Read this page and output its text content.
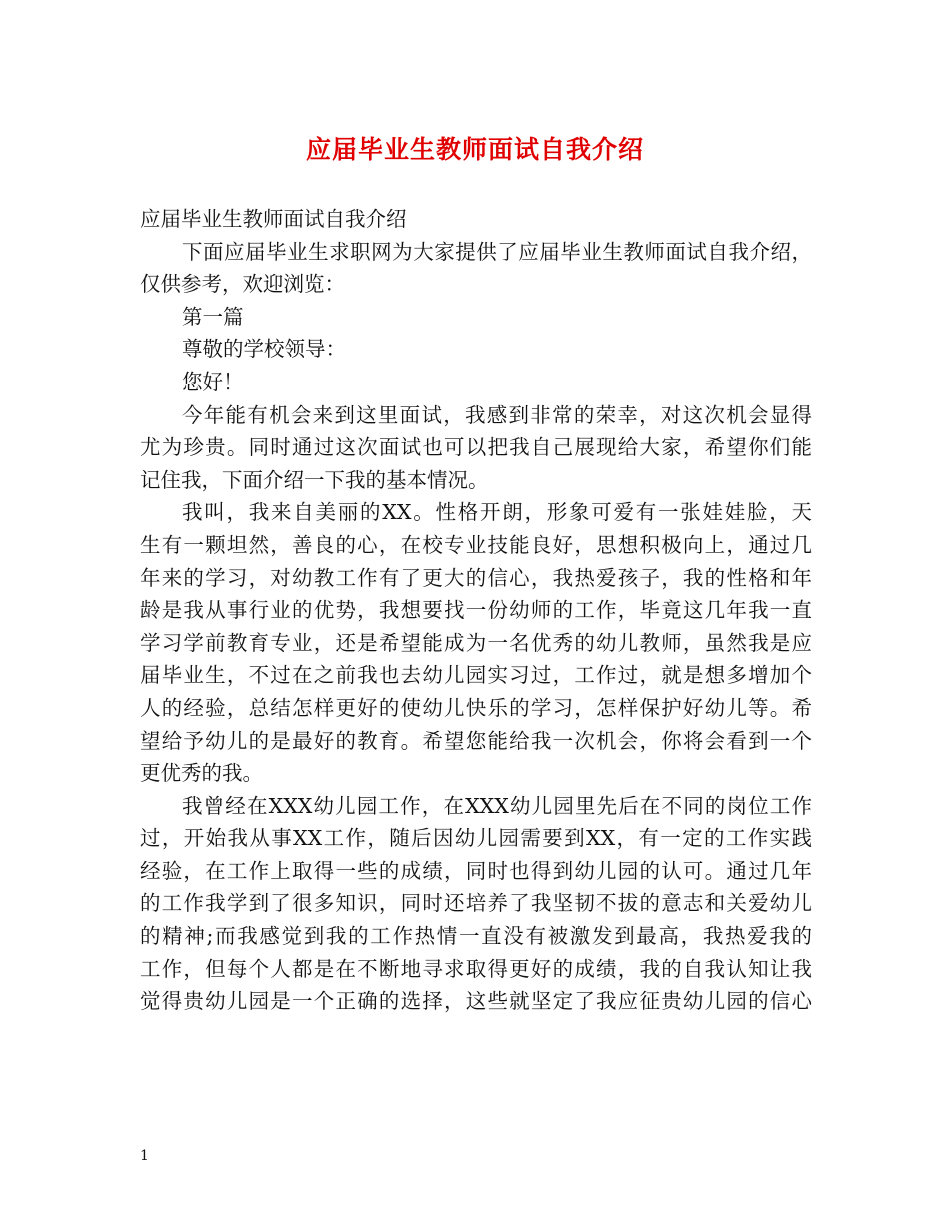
应届毕业生教师面试自我介绍
应届毕业生教师面试自我介绍
下面应届毕业生求职网为大家提供了应届毕业生教师面试自我介绍，
仅供参考，欢迎浏览：
第一篇
尊敬的学校领导：
您好！
今年能有机会来到这里面试，我感到非常的荣幸，对这次机会显得
尤为珍贵。同时通过这次面试也可以把我自己展现给大家，希望你们能
记住我，下面介绍一下我的基本情况。
我叫，我来自美丽的XX。性格开朗，形象可爱有一张娃娃脸，天
生有一颗坦然，善良的心，在校专业技能良好，思想积极向上，通过几
年来的学习，对幼教工作有了更大的信心，我热爱孩子，我的性格和年
龄是我从事行业的优势，我想要找一份幼师的工作，毕竟这几年我一直
学习学前教育专业，还是希望能成为一名优秀的幼儿教师，虽然我是应
届毕业生，不过在之前我也去幼儿园实习过，工作过，就是想多增加个
人的经验，总结怎样更好的使幼儿快乐的学习，怎样保护好幼儿等。希
望给予幼儿的是最好的教育。希望您能给我一次机会，你将会看到一个
更优秀的我。
我曾经在XXX幼儿园工作，在XXX幼儿园里先后在不同的岗位工作
过，开始我从事XX工作，随后因幼儿园需要到XX，有一定的工作实践
经验，在工作上取得一些的成绩，同时也得到幼儿园的认可。通过几年
的工作我学到了很多知识，同时还培养了我坚韧不拔的意志和关爱幼儿
的精神;而我感觉到我的工作热情一直没有被激发到最高，我热爱我的
工作，但每个人都是在不断地寻求取得更好的成绩，我的自我认知让我
觉得贵幼儿园是一个正确的选择，这些就坚定了我应征贵幼儿园的信心
1
